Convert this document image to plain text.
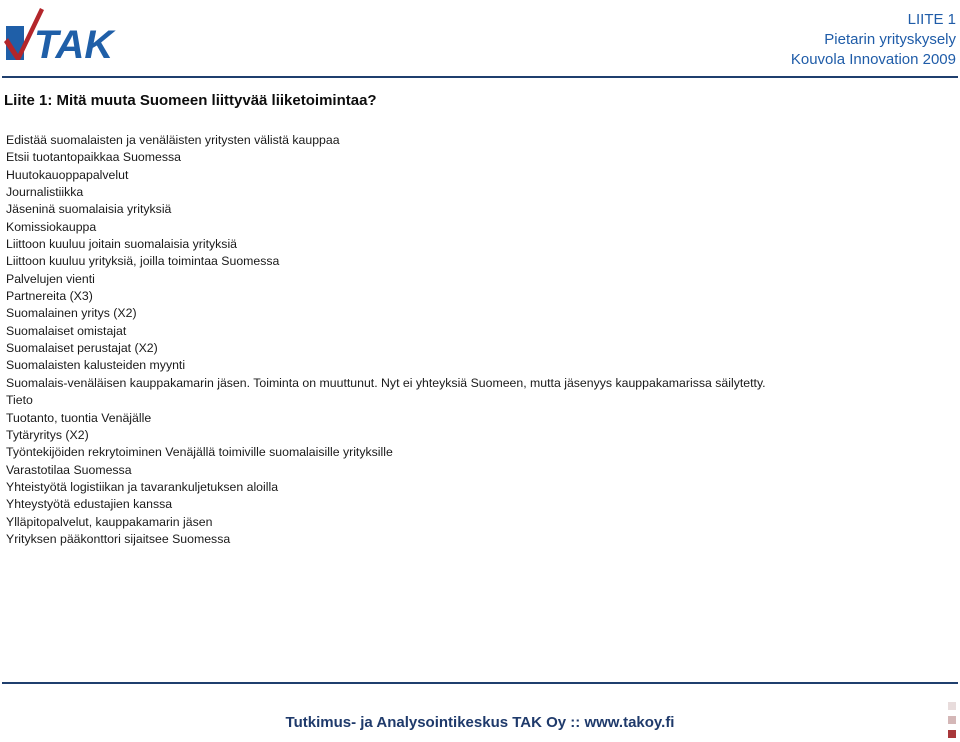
TAK
LIITE 1
Pietarin yrityskysely
Kouvola Innovation 2009
Liite 1: Mitä muuta Suomeen liittyvää liiketoimintaa?
Edistää suomalaisten ja venäläisten yritysten välistä kauppaa
Etsii tuotantopaikkaa Suomessa
Huutokauoppapalvelut
Journalistiikka
Jäseninä suomalaisia yrityksiä
Komissiokauppa
Liittoon kuuluu joitain suomalaisia yrityksiä
Liittoon kuuluu yrityksiä, joilla toimintaa Suomessa
Palvelujen vienti
Partnereita (X3)
Suomalainen yritys (X2)
Suomalaiset omistajat
Suomalaiset perustajat (X2)
Suomalaisten kalusteiden myynti
Suomalais-venäläisen kauppakamarin jäsen. Toiminta on muuttunut. Nyt ei yhteyksiä Suomeen, mutta jäsenyys kauppakamarissa säilytetty.
Tieto
Tuotanto, tuontia Venäjälle
Tytäryritys (X2)
Työntekijöiden rekrytoiminen Venäjällä toimiville suomalaisille yrityksille
Varastotilaa Suomessa
Yhteistyötä logistiikan ja tavarankuljetuksen aloilla
Yhteystyötä edustajien kanssa
Ylläpitopalvelut, kauppakamarin jäsen
Yrityksen pääkonttori sijaitsee Suomessa
Tutkimus- ja Analysointikeskus TAK Oy :: www.takoy.fi
